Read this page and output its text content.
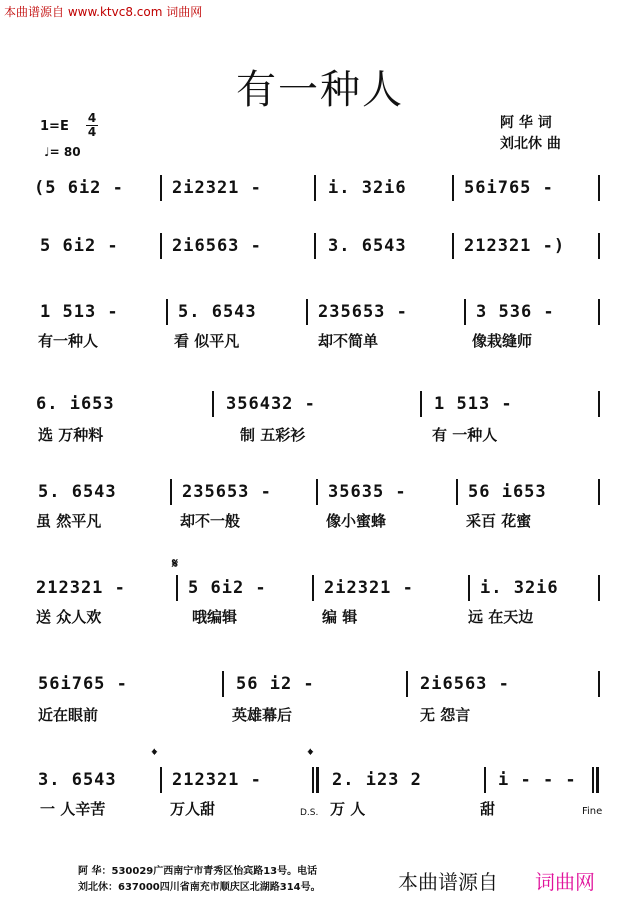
本曲谱源自 www.ktvc8.com 词曲网
有一种人
1=E
4
4
♩= 80
阿 华 词
刘北休 曲
(5 6i2 -	2i2321 -	i. 32i6	56i765 -
5 6i2 -	2i6563 -	3. 6543	212321 -)
1 513 -	5. 6543	235653 -	3 536 -
有一种人	看 似平凡	却不简单	像栽缝师
6. i653	356432 -	1 513 -
选 万种料	制 五彩衫	有 一种人
5. 6543	235653 -	35635 -	56 i653
虽 然平凡	却不一般	像小蜜蜂	采百 花蜜
𝄋
212321 -	5 6i2 -	2i2321 -	i. 32i6
送 众人欢	哦编辑	编 辑	远 在天边
56i765 -	56 i2 -	2i6563 -
近在眼前	英雄幕后	无 怨言
𝄌	𝄌
3. 6543	212321 -	2. i23 2	i - - -
一 人辛苦	万人甜	D.S. 万 人	甜	Fine
阿 华：530029广西南宁市青秀区怡宾路13号。电话
刘北休：637000四川省南充市顺庆区北湖路314号。	本曲谱源自 词曲网
